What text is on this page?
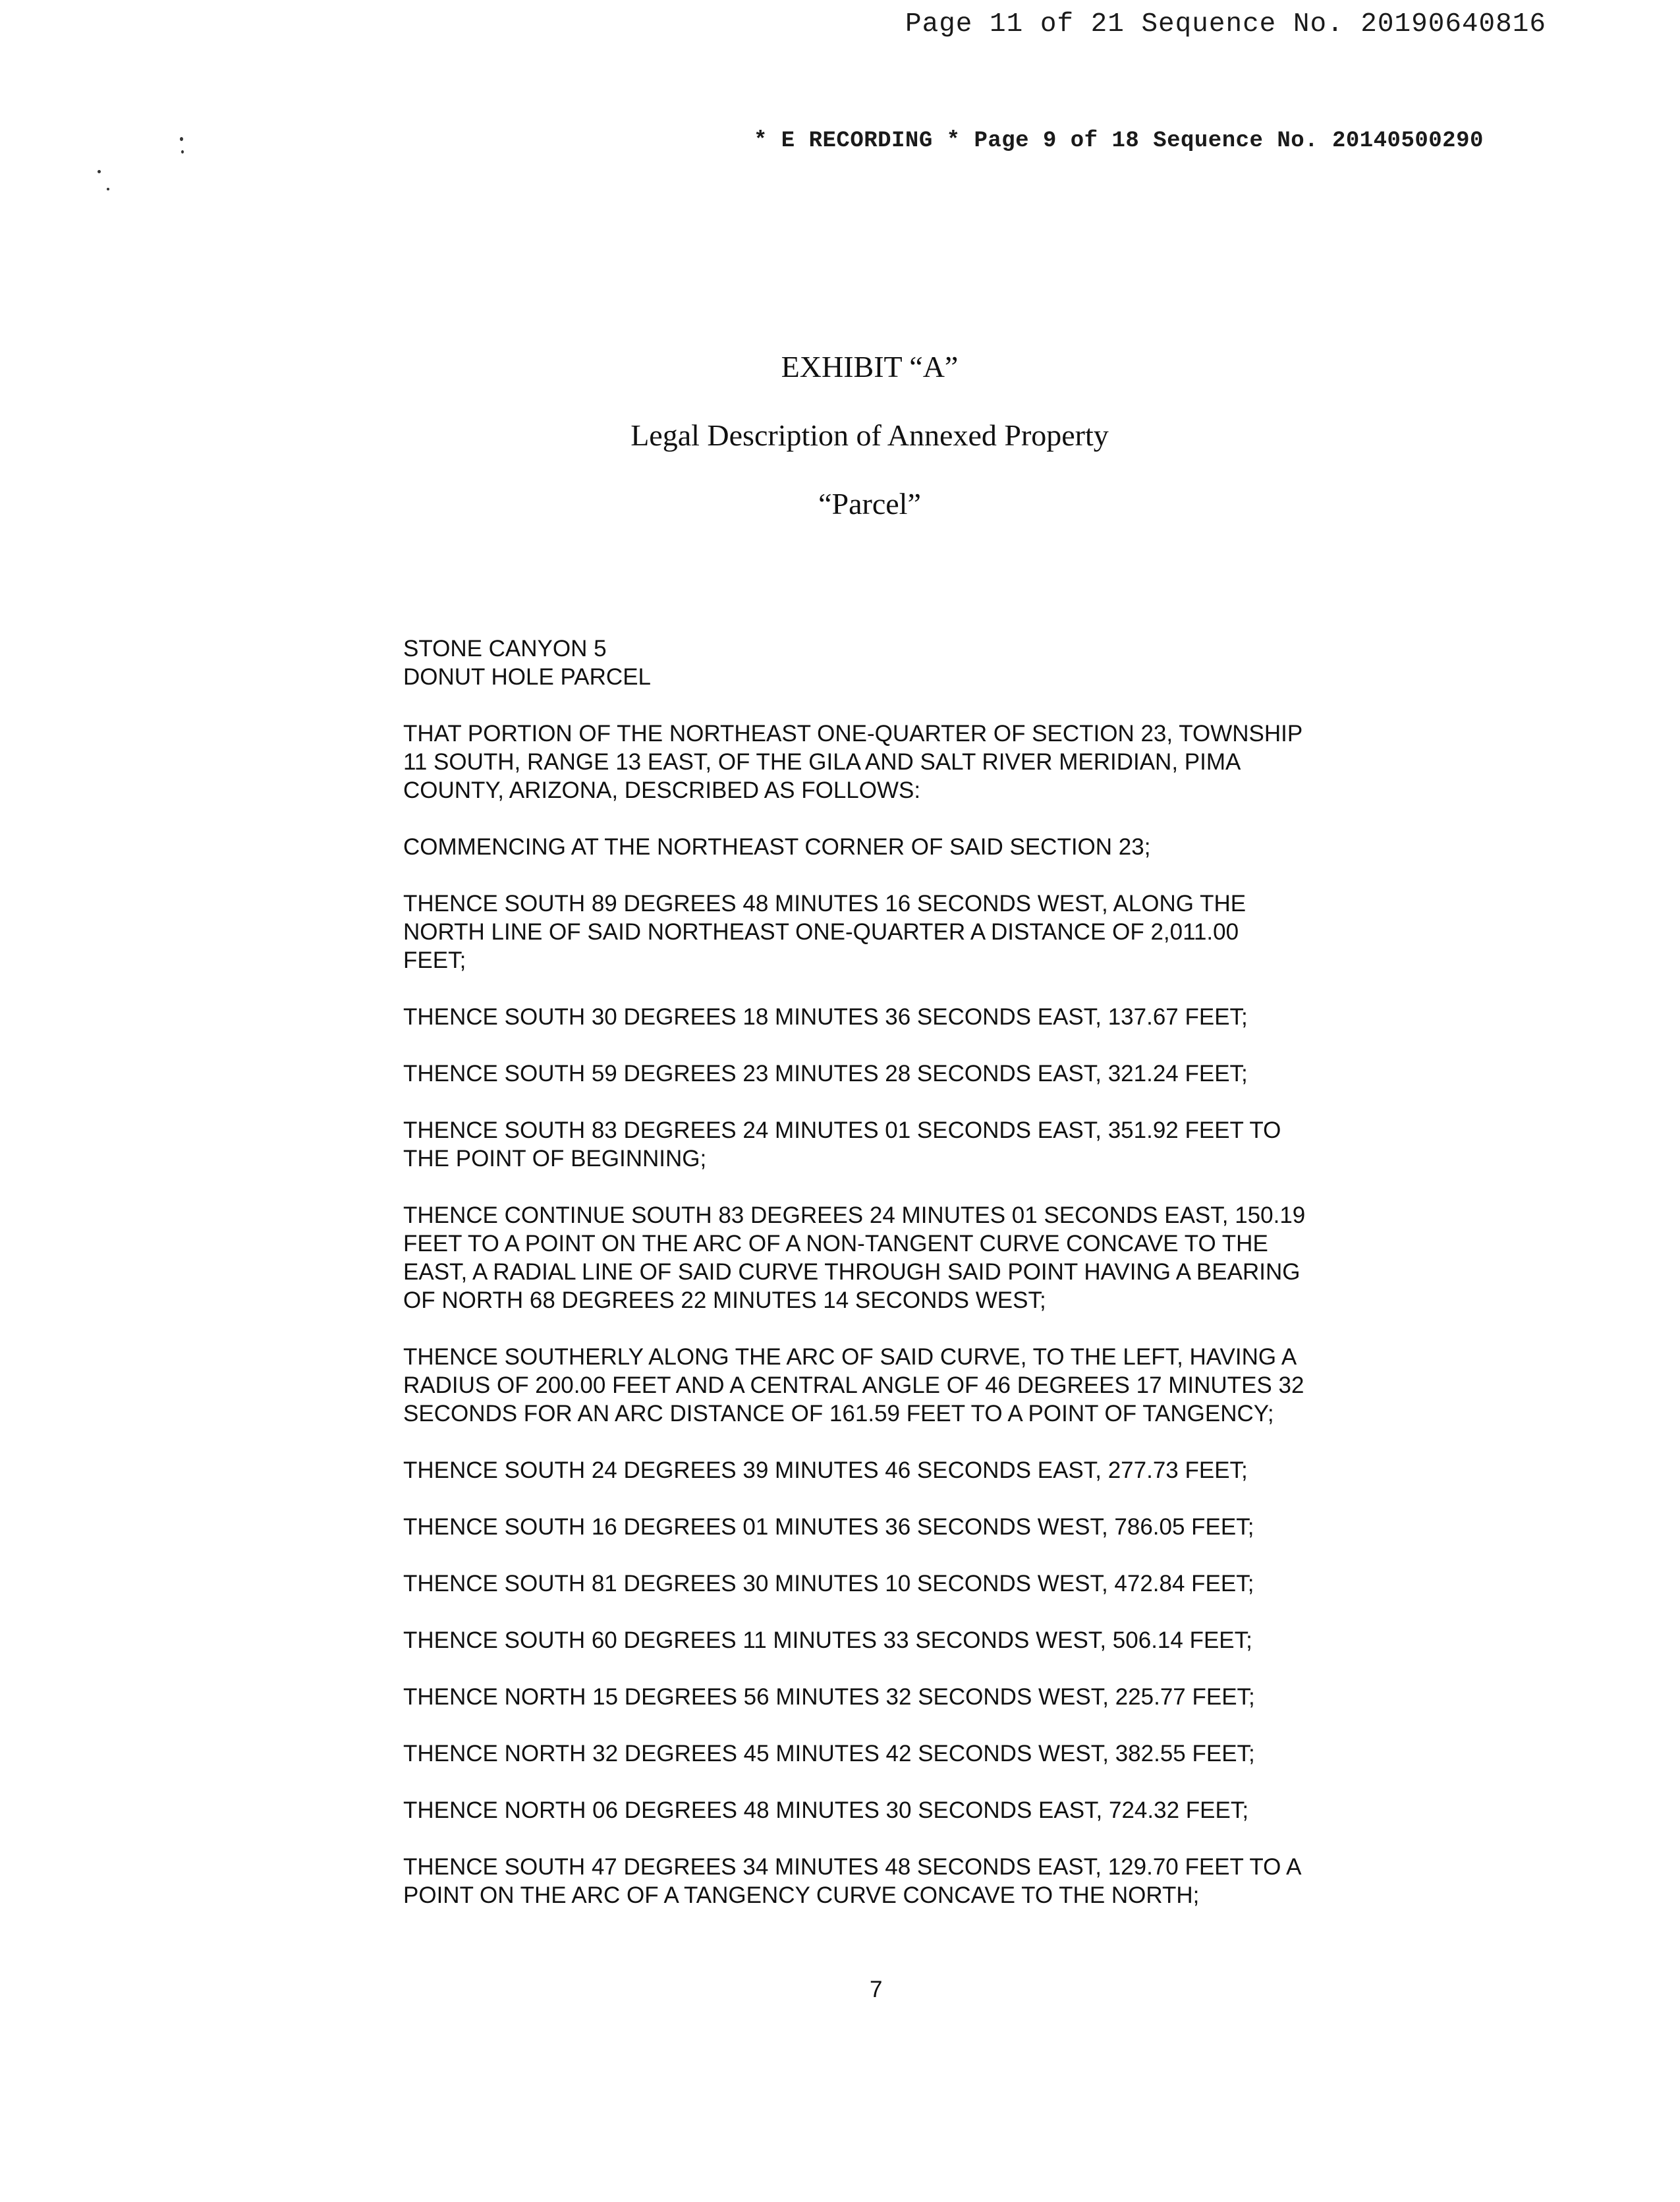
Page 11 of 21 Sequence No. 20190640816
* E RECORDING * Page 9 of 18 Sequence No. 20140500290
EXHIBIT “A”
Legal Description of Annexed Property
“Parcel”
STONE CANYON 5
DONUT HOLE PARCEL
THAT PORTION OF THE NORTHEAST ONE-QUARTER OF SECTION 23, TOWNSHIP
11 SOUTH, RANGE 13 EAST, OF THE GILA AND SALT RIVER MERIDIAN, PIMA
COUNTY, ARIZONA, DESCRIBED AS FOLLOWS:
COMMENCING AT THE NORTHEAST CORNER OF SAID SECTION 23;
THENCE SOUTH 89 DEGREES 48 MINUTES 16 SECONDS WEST, ALONG THE
NORTH LINE OF SAID NORTHEAST ONE-QUARTER A DISTANCE OF 2,011.00
FEET;
THENCE SOUTH 30 DEGREES 18 MINUTES 36 SECONDS EAST, 137.67 FEET;
THENCE SOUTH 59 DEGREES 23 MINUTES 28 SECONDS EAST, 321.24 FEET;
THENCE SOUTH 83 DEGREES 24 MINUTES 01 SECONDS EAST, 351.92 FEET TO
THE POINT OF BEGINNING;
THENCE CONTINUE SOUTH 83 DEGREES 24 MINUTES 01 SECONDS EAST, 150.19
FEET TO A POINT ON THE ARC OF A NON-TANGENT CURVE CONCAVE TO THE
EAST, A RADIAL LINE OF SAID CURVE THROUGH SAID POINT HAVING A BEARING
OF NORTH 68 DEGREES 22 MINUTES 14 SECONDS WEST;
THENCE SOUTHERLY ALONG THE ARC OF SAID CURVE, TO THE LEFT, HAVING A
RADIUS OF 200.00 FEET AND A CENTRAL ANGLE OF 46 DEGREES 17 MINUTES 32
SECONDS FOR AN ARC DISTANCE OF 161.59 FEET TO A POINT OF TANGENCY;
THENCE SOUTH 24 DEGREES 39 MINUTES 46 SECONDS EAST, 277.73 FEET;
THENCE SOUTH 16 DEGREES 01 MINUTES 36 SECONDS WEST, 786.05 FEET;
THENCE SOUTH 81 DEGREES 30 MINUTES 10 SECONDS WEST, 472.84 FEET;
THENCE SOUTH 60 DEGREES 11 MINUTES 33 SECONDS WEST, 506.14 FEET;
THENCE NORTH 15 DEGREES 56 MINUTES 32 SECONDS WEST, 225.77 FEET;
THENCE NORTH 32 DEGREES 45 MINUTES 42 SECONDS WEST, 382.55 FEET;
THENCE NORTH 06 DEGREES 48 MINUTES 30 SECONDS EAST, 724.32 FEET;
THENCE SOUTH 47 DEGREES 34 MINUTES 48 SECONDS EAST, 129.70 FEET TO A
POINT ON THE ARC OF A TANGENCY CURVE CONCAVE TO THE NORTH;
7
